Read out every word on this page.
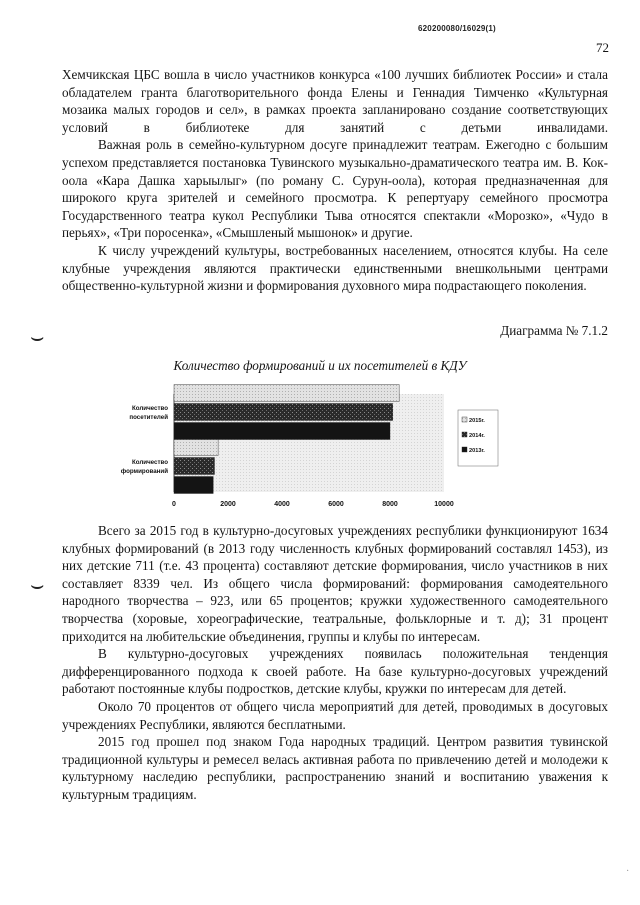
620200080/16029(1)
72

Хемчикская ЦБС вошла в число участников конкурса «100 лучших библиотек России» и стала обладателем гранта благотворительного фонда Елены и Геннадия Тимченко «Культурная мозаика малых городов и сел», в рамках проекта запланировано создание соответствующих условий в библиотеке для занятий с детьми инвалидами.

Важная роль в семейно-культурном досуге принадлежит театрам. Ежегодно с большим успехом представляется постановка Тувинского музыкально-драматического театра им. В. Кок-оола «Кара Дашка харыылыг» (по роману С. Сурун-оола), которая предназначенная для широкого круга зрителей и семейного просмотра. К репертуару семейного просмотра Государственного театра кукол Республики Тыва относятся спектакли «Морозко», «Чудо в перьях», «Три поросенка», «Смышленый мышонок» и другие.

К числу учреждений культуры, востребованных населением, относятся клубы. На селе клубные учреждения являются практически единственными внешкольными центрами общественно-культурной жизни и формирования духовного мира подрастающего поколения.

⌣
⌣
Диаграмма № 7.1.2
Количество формирований и их посетителей в КДУ
0	2000	4000	6000	8000	10000
Количество
формирований
Количество
посетителей	2015г.
2014г.
2013г.

Всего за 2015 год в культурно-досуговых учреждениях республики функционируют 1634 клубных формирований (в 2013 году численность клубных формирований составлял 1453), из них детские 711 (т.е. 43 процента) составляют детские формирования, число участников в них составляет 8339 чел. Из общего числа формирований: формирования самодеятельного народного творчества – 923, или 65 процентов; кружки художественного самодеятельного творчества (хоровые, хореографические, театральные, фольклорные и т. д); 31 процент приходится на любительские объединения, группы и клубы по интересам.

В культурно-досуговых учреждениях появилась положительная тенденция дифференцированного подхода к своей работе. На базе культурно-досуговых учреждений работают постоянные клубы подростков, детские клубы, кружки по интересам для детей.

Около 70 процентов от общего числа мероприятий для детей, проводимых в досуговых учреждениях Республики, являются бесплатными.

2015 год прошел под знаком Года народных традиций. Центром развития тувинской традиционной культуры и ремесел велась активная работа по привлечению детей и молодежи к культурному наследию республики, распространению знаний и воспитанию уважения к культурным традициям.

·
